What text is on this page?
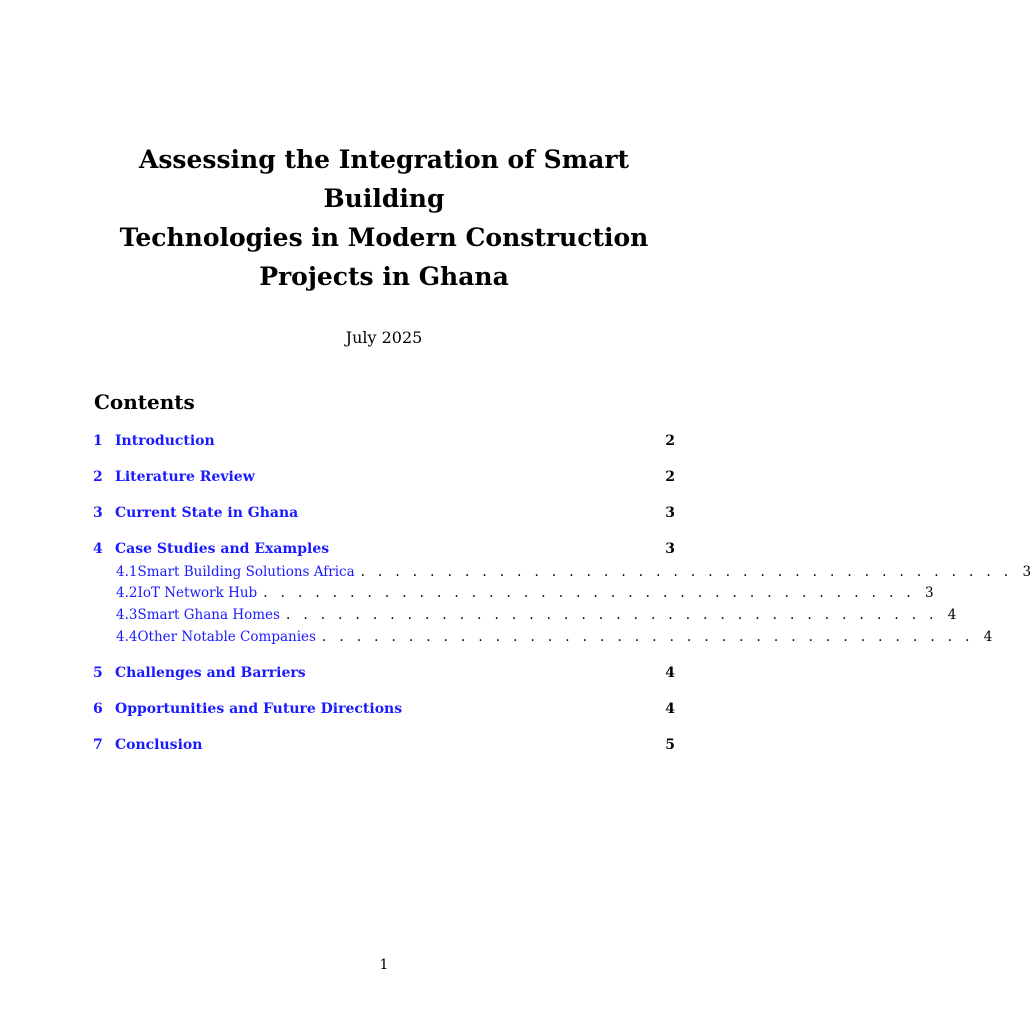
Assessing the Integration of Smart Building
Technologies in Modern Construction
Projects in Ghana

July 2025

Contents
1 Introduction	2
2 Literature Review	2
3 Current State in Ghana	3
4 Case Studies and Examples	3
4.1 Smart Building Solutions Africa . . . . . . . . . . . . . . . . . . . . . . . . . . . . . . . . . . . . . . 3
4.2 IoT Network Hub . . . . . . . . . . . . . . . . . . . . . . . . . . . . . . . . . . . . . . 3
4.3 Smart Ghana Homes . . . . . . . . . . . . . . . . . . . . . . . . . . . . . . . . . . . . . . 4
4.4 Other Notable Companies . . . . . . . . . . . . . . . . . . . . . . . . . . . . . . . . . . . . . . 4
5 Challenges and Barriers	4
6 Opportunities and Future Directions	4
7 Conclusion	5
1
